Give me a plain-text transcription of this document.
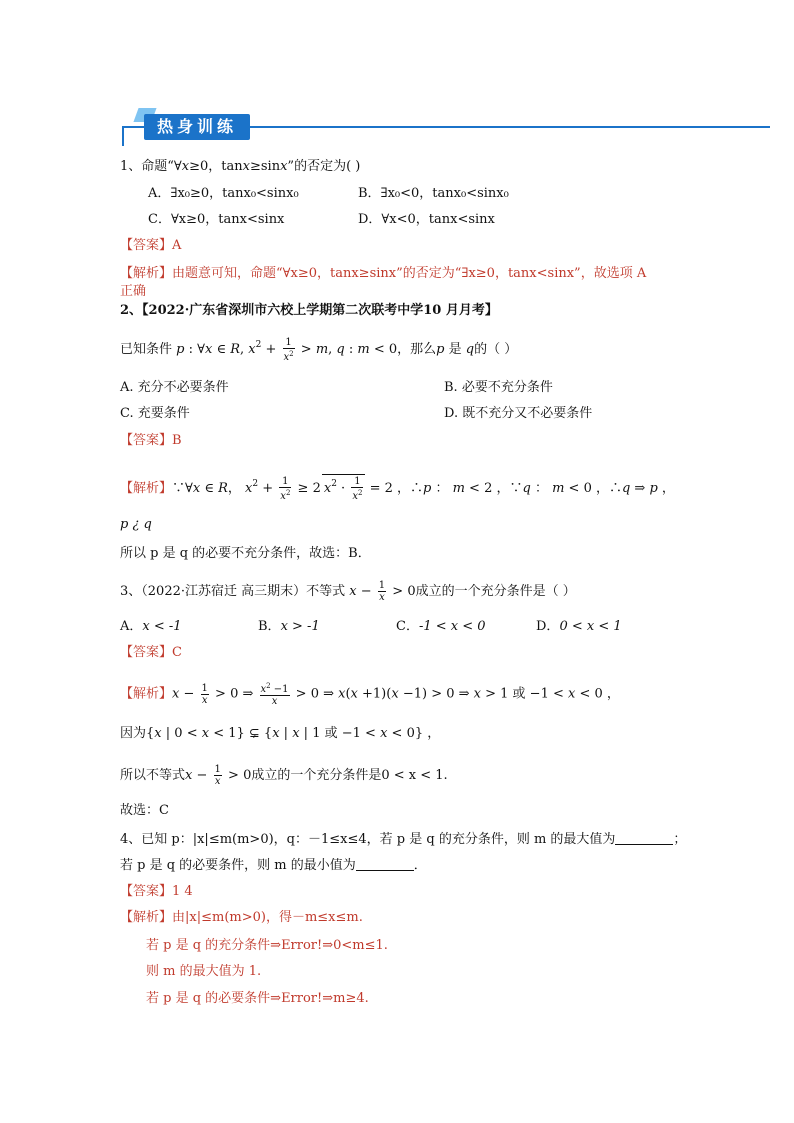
热身训练
1、命题“∀x≥0，tanx≥sinx”的否定为( )
A．∃x₀≥0，tanx₀<sinx₀	B．∃x₀<0，tanx₀<sinx₀
C．∀x≥0，tanx<sinx	D．∀x<0，tanx<sinx
【答案】A
【解析】由题意可知，命题“∀x≥0，tanx≥sinx”的否定为“∃x≥0，tanx<sinx”，故选项 A
正确
2、【2022·广东省深圳市六校上学期第二次联考中学10 月月考】
已知条件 p : ∀x ∈ R, $x^2 + \frac{1}{x^2} > m$, q : m < 0，那么p 是 q的（ ）
A. 充分不必要条件	B. 必要不充分条件
C. 充要条件	D. 既不充分又不必要条件
【答案】B
【解析】∵∀x ∈ R， $x^2 + \frac{1}{x^2} \ge 2$ $x^2 \cdot \frac{1}{x^2} = 2$ ，∴p ： m < 2 ，∵q ： m < 0 ，∴q ⇒ p ，
p ¿ q
所以 p 是 q 的必要不充分条件，故选：B．
3、（2022·江苏宿迁 高三期末）不等式 $x - \frac{1}{x} > 0$成立的一个充分条件是（ ）
A．x < -1	B．x > -1	C．-1 < x < 0	D．0 < x < 1
【答案】C
【解析】$x - \frac{1}{x} > 0$ ⇒ $\frac{x^2 -1}{x} > 0$ ⇒ x(x +1)(x −1) > 0 ⇒ x > 1 或 −1 < x < 0 ，
因为{x | 0 < x < 1} ⊊ {x | x | 1 或 −1 < x < 0} ，
所以不等式$x - \frac{1}{x} > 0$成立的一个充分条件是0 < x < 1.
故选：C
4、已知 p：|x|≤m(m>0)，q：－1≤x≤4，若 p 是 q 的充分条件，则 m 的最大值为	；
若 p 是 q 的必要条件，则 m 的最小值为	．
【答案】1 4
【解析】由|x|≤m(m>0)，得－m≤x≤m.
若 p 是 q 的充分条件⇒Error!⇒0<m≤1.
则 m 的最大值为 1.
若 p 是 q 的必要条件⇒Error!⇒m≥4.
